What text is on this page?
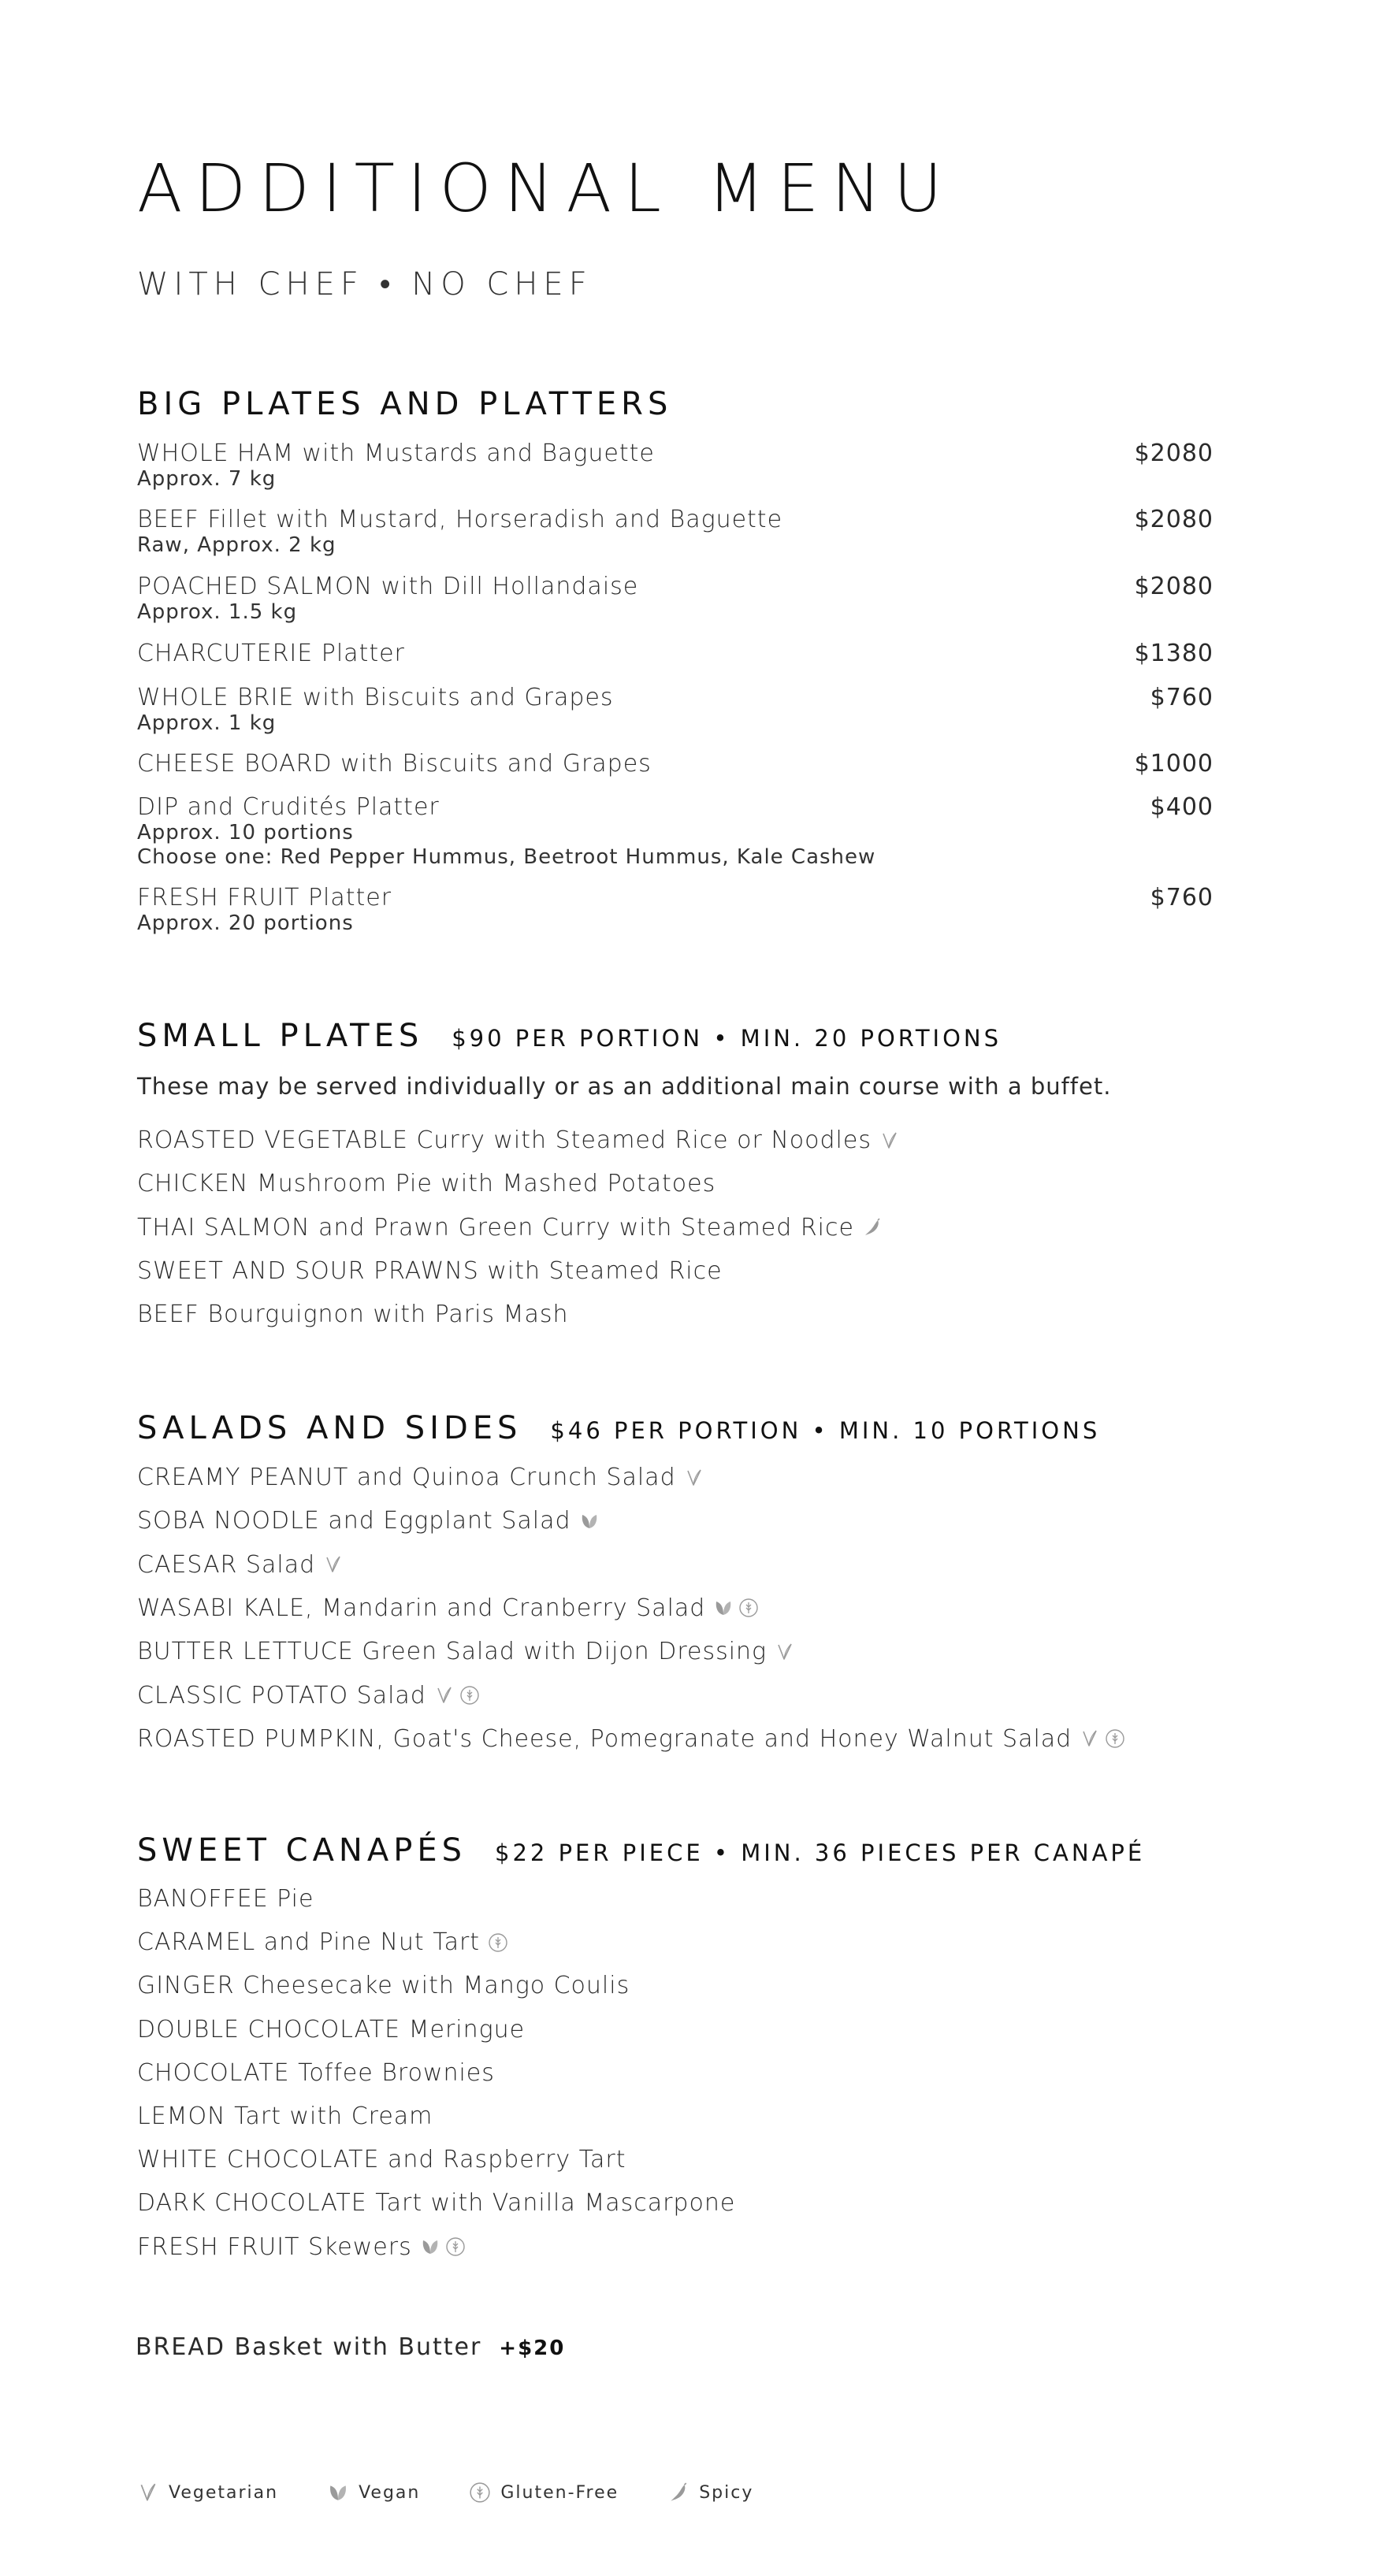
ADDITIONAL MENU
WITH CHEF • NO CHEF
BIG PLATES AND PLATTERS
WHOLE HAM with Mustards and Baguette	$2080
Approx. 7 kg
BEEF Fillet with Mustard, Horseradish and Baguette	$2080
Raw, Approx. 2 kg
POACHED SALMON with Dill Hollandaise	$2080
Approx. 1.5 kg
CHARCUTERIE Platter	$1380
WHOLE BRIE with Biscuits and Grapes	$760
Approx. 1 kg
CHEESE BOARD with Biscuits and Grapes	$1000
DIP and Crudités Platter	$400
Approx. 10 portions
Choose one: Red Pepper Hummus, Beetroot Hummus, Kale Cashew
FRESH FRUIT Platter	$760
Approx. 20 portions
SMALL PLATES $90 PER PORTION • MIN. 20 PORTIONS
These may be served individually or as an additional main course with a buffet.
ROASTED VEGETABLE Curry with Steamed Rice or Noodles
CHICKEN Mushroom Pie with Mashed Potatoes
THAI SALMON and Prawn Green Curry with Steamed Rice
SWEET AND SOUR PRAWNS with Steamed Rice
BEEF Bourguignon with Paris Mash
SALADS AND SIDES $46 PER PORTION • MIN. 10 PORTIONS
CREAMY PEANUT and Quinoa Crunch Salad
SOBA NOODLE and Eggplant Salad
CAESAR Salad
WASABI KALE, Mandarin and Cranberry Salad
BUTTER LETTUCE Green Salad with Dijon Dressing
CLASSIC POTATO Salad
ROASTED PUMPKIN, Goat's Cheese, Pomegranate and Honey Walnut Salad
SWEET CANAPÉS $22 PER PIECE • MIN. 36 PIECES PER CANAPÉ
BANOFFEE Pie
CARAMEL and Pine Nut Tart
GINGER Cheesecake with Mango Coulis
DOUBLE CHOCOLATE Meringue
CHOCOLATE Toffee Brownies
LEMON Tart with Cream
WHITE CHOCOLATE and Raspberry Tart
DARK CHOCOLATE Tart with Vanilla Mascarpone
FRESH FRUIT Skewers
BREAD Basket with Butter +$20
Vegetarian	Vegan	Gluten-Free	Spicy
